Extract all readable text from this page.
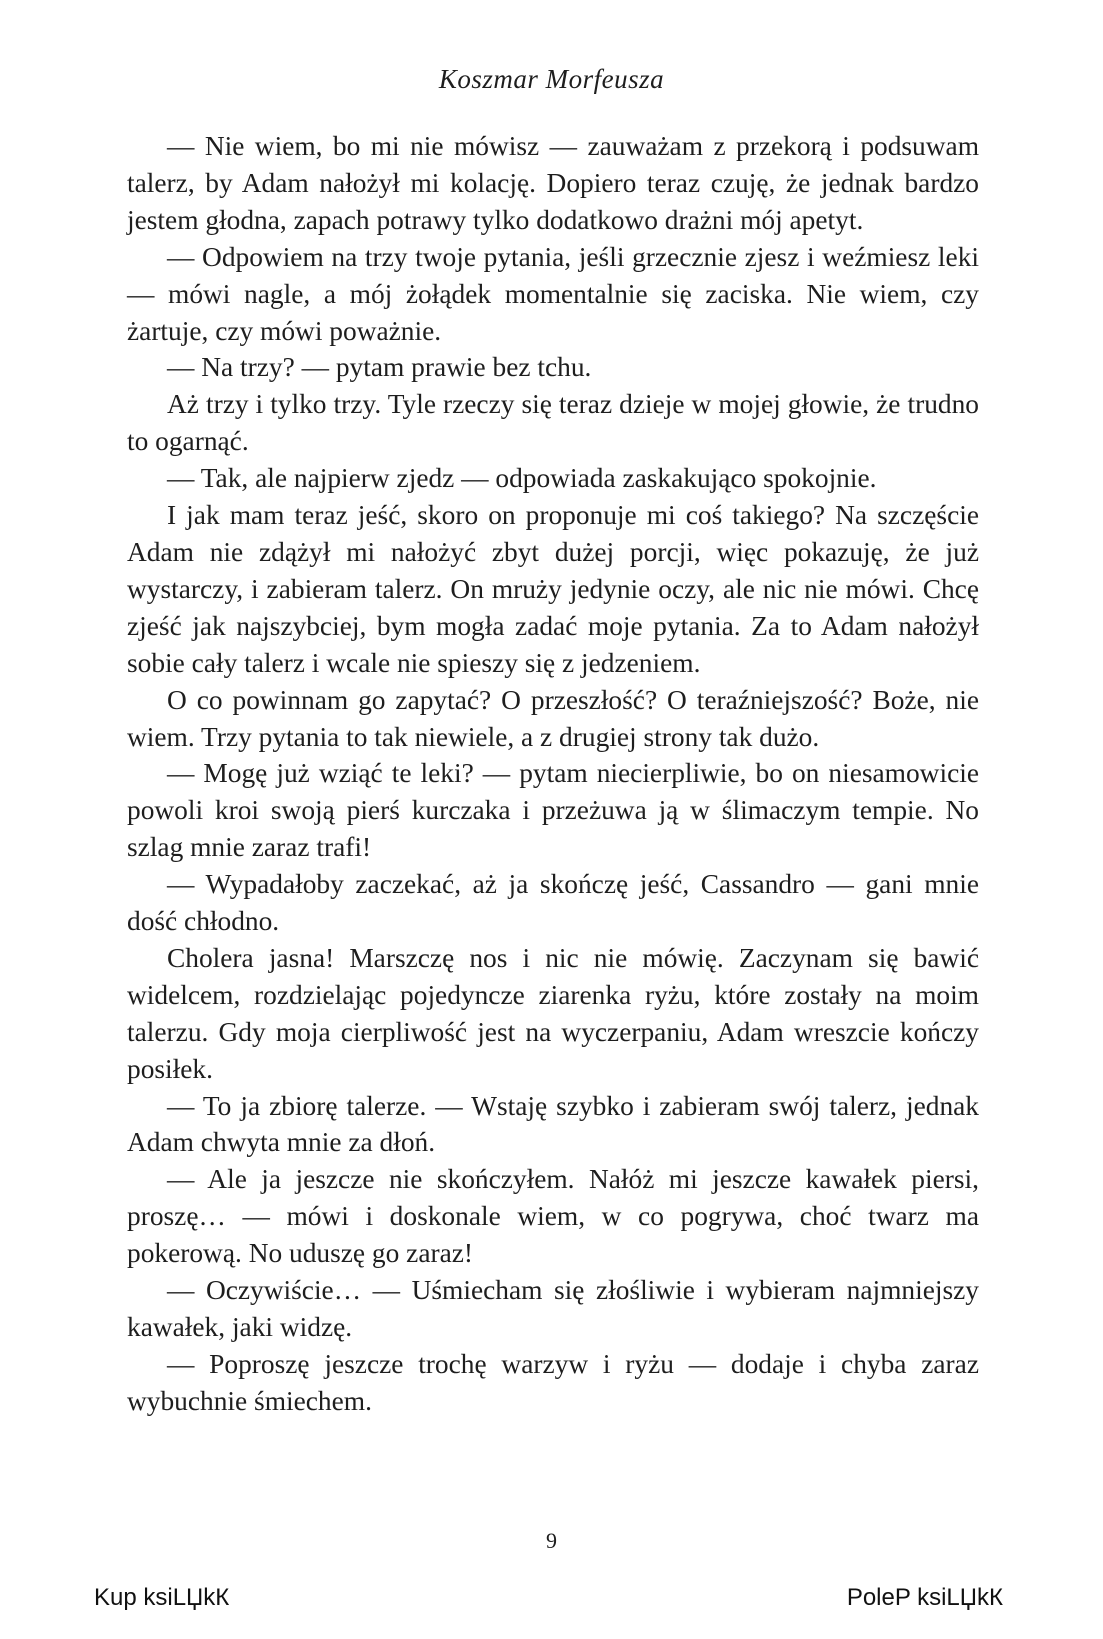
Koszmar Morfeusza

— Nie wiem, bo mi nie mówisz — zauważam z przekorą i podsuwam talerz, by Adam nałożył mi kolację. Dopiero teraz czuję, że jednak bardzo jestem głodna, zapach potrawy tylko dodatkowo drażni mój apetyt.

— Odpowiem na trzy twoje pytania, jeśli grzecznie zjesz i weźmiesz leki — mówi nagle, a mój żołądek momentalnie się zaciska. Nie wiem, czy żartuje, czy mówi poważnie.

— Na trzy? — pytam prawie bez tchu.

Aż trzy i tylko trzy. Tyle rzeczy się teraz dzieje w mojej głowie, że trudno to ogarnąć.

— Tak, ale najpierw zjedz — odpowiada zaskakująco spokojnie.

I jak mam teraz jeść, skoro on proponuje mi coś takiego? Na szczęście Adam nie zdążył mi nałożyć zbyt dużej porcji, więc pokazuję, że już wystarczy, i zabieram talerz. On mruży jedynie oczy, ale nic nie mówi. Chcę zjeść jak najszybciej, bym mogła zadać moje pytania. Za to Adam nałożył sobie cały talerz i wcale nie spieszy się z jedzeniem.

O co powinnam go zapytać? O przeszłość? O teraźniejszość? Boże, nie wiem. Trzy pytania to tak niewiele, a z drugiej strony tak dużo.

— Mogę już wziąć te leki? — pytam niecierpliwie, bo on niesamowicie powoli kroi swoją pierś kurczaka i przeżuwa ją w ślimaczym tempie. No szlag mnie zaraz trafi!

— Wypadałoby zaczekać, aż ja skończę jeść, Cassandro — gani mnie dość chłodno.

Cholera jasna! Marszczę nos i nic nie mówię. Zaczynam się bawić widelcem, rozdzielając pojedyncze ziarenka ryżu, które zostały na moim talerzu. Gdy moja cierpliwość jest na wyczerpaniu, Adam wreszcie kończy posiłek.

— To ja zbiorę talerze. — Wstaję szybko i zabieram swój talerz, jednak Adam chwyta mnie za dłoń.

— Ale ja jeszcze nie skończyłem. Nałóż mi jeszcze kawałek piersi, proszę… — mówi i doskonale wiem, w co pogrywa, choć twarz ma pokerową. No uduszę go zaraz!

— Oczywiście… — Uśmiecham się złośliwie i wybieram najmniejszy kawałek, jaki widzę.

— Poproszę jeszcze trochę warzyw i ryżu — dodaje i chyba zaraz wybuchnie śmiechem.

9
Kup ksiLЏkК	PoleP ksiLЏkК
